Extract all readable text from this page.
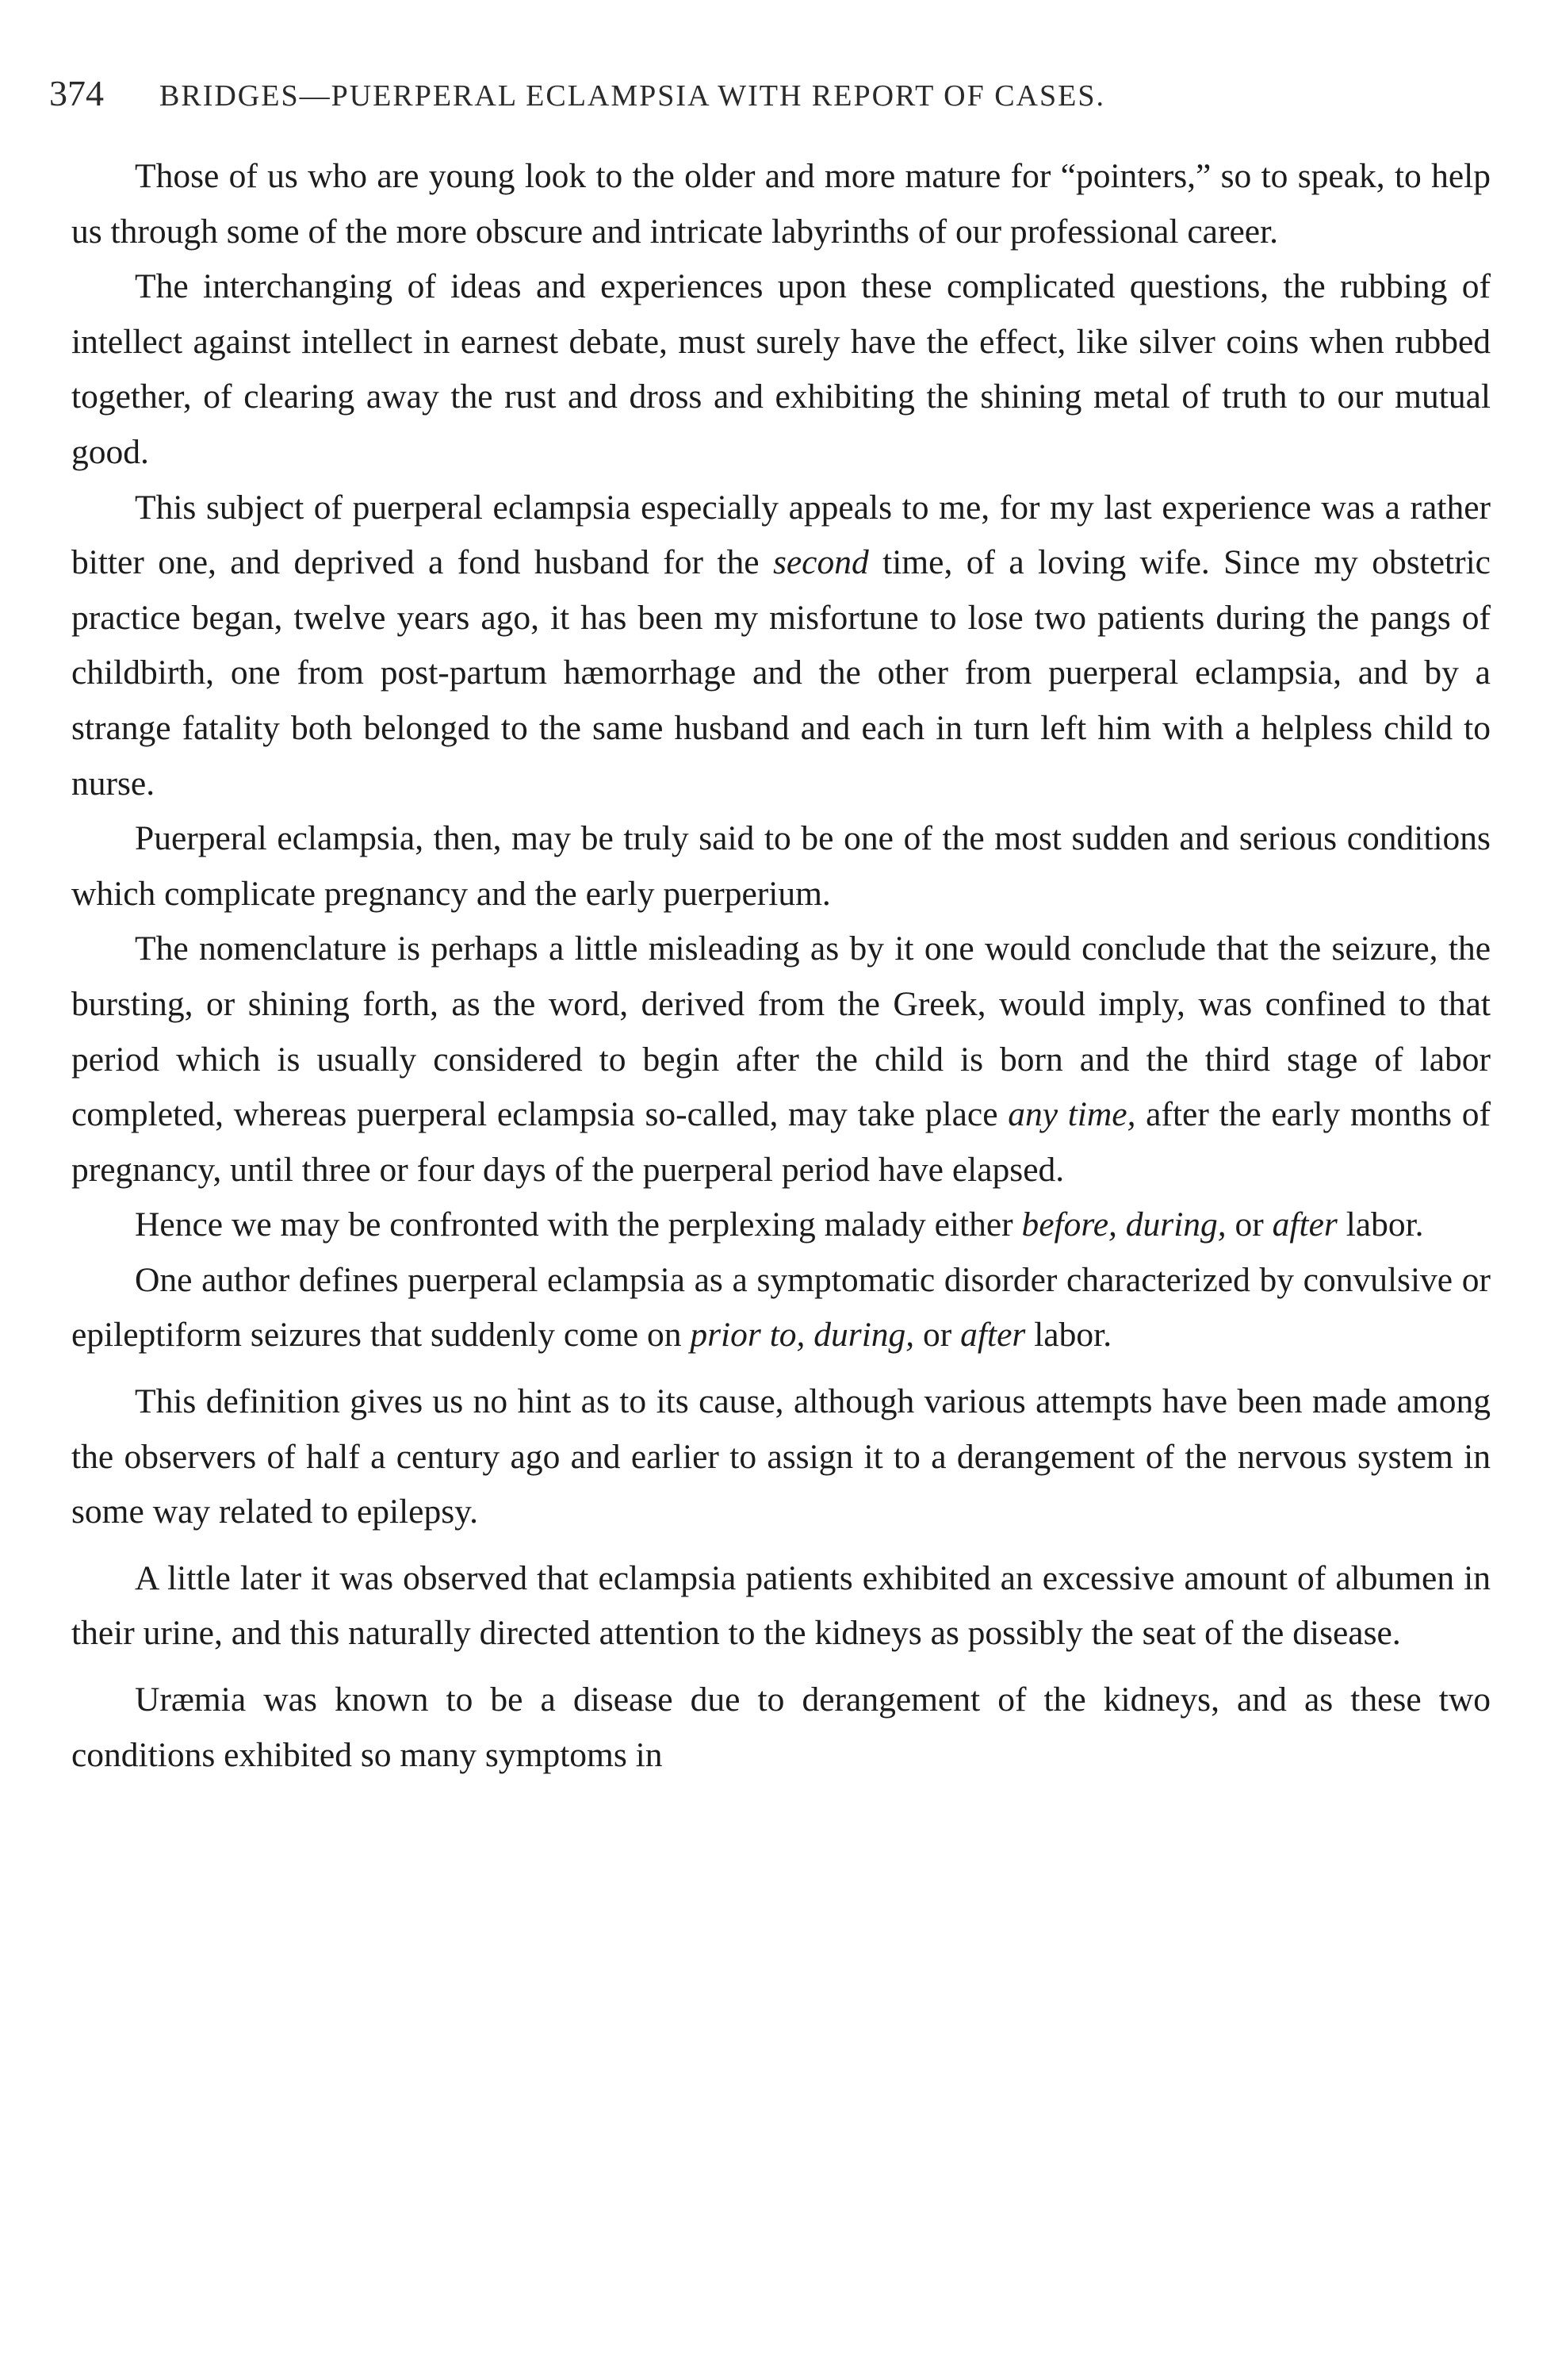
374 BRIDGES—PUERPERAL ECLAMPSIA WITH REPORT OF CASES.

Those of us who are young look to the older and more mature for “pointers,” so to speak, to help us through some of the more obscure and intricate labyrinths of our professional career.

The interchanging of ideas and experiences upon these complicated questions, the rubbing of intellect against intellect in earnest debate, must surely have the effect, like silver coins when rubbed together, of clearing away the rust and dross and exhibiting the shining metal of truth to our mutual good.

This subject of puerperal eclampsia especially appeals to me, for my last experience was a rather bitter one, and deprived a fond husband for the second time, of a loving wife. Since my obstetric practice began, twelve years ago, it has been my misfortune to lose two patients during the pangs of childbirth, one from post-partum hæmorrhage and the other from puerperal eclampsia, and by a strange fatality both belonged to the same husband and each in turn left him with a helpless child to nurse.

Puerperal eclampsia, then, may be truly said to be one of the most sudden and serious conditions which complicate pregnancy and the early puerperium.

The nomenclature is perhaps a little misleading as by it one would conclude that the seizure, the bursting, or shining forth, as the word, derived from the Greek, would imply, was confined to that period which is usually considered to begin after the child is born and the third stage of labor completed, whereas puerperal eclampsia so-called, may take place any time, after the early months of pregnancy, until three or four days of the puerperal period have elapsed.

Hence we may be confronted with the perplexing malady either before, during, or after labor.

One author defines puerperal eclampsia as a symptomatic disorder characterized by convulsive or epileptiform seizures that suddenly come on prior to, during, or after labor.

This definition gives us no hint as to its cause, although various attempts have been made among the observers of half a century ago and earlier to assign it to a derangement of the nervous system in some way related to epilepsy.

A little later it was observed that eclampsia patients exhibited an excessive amount of albumen in their urine, and this naturally directed attention to the kidneys as possibly the seat of the disease.

Uræmia was known to be a disease due to derangement of the kidneys, and as these two conditions exhibited so many symptoms in
